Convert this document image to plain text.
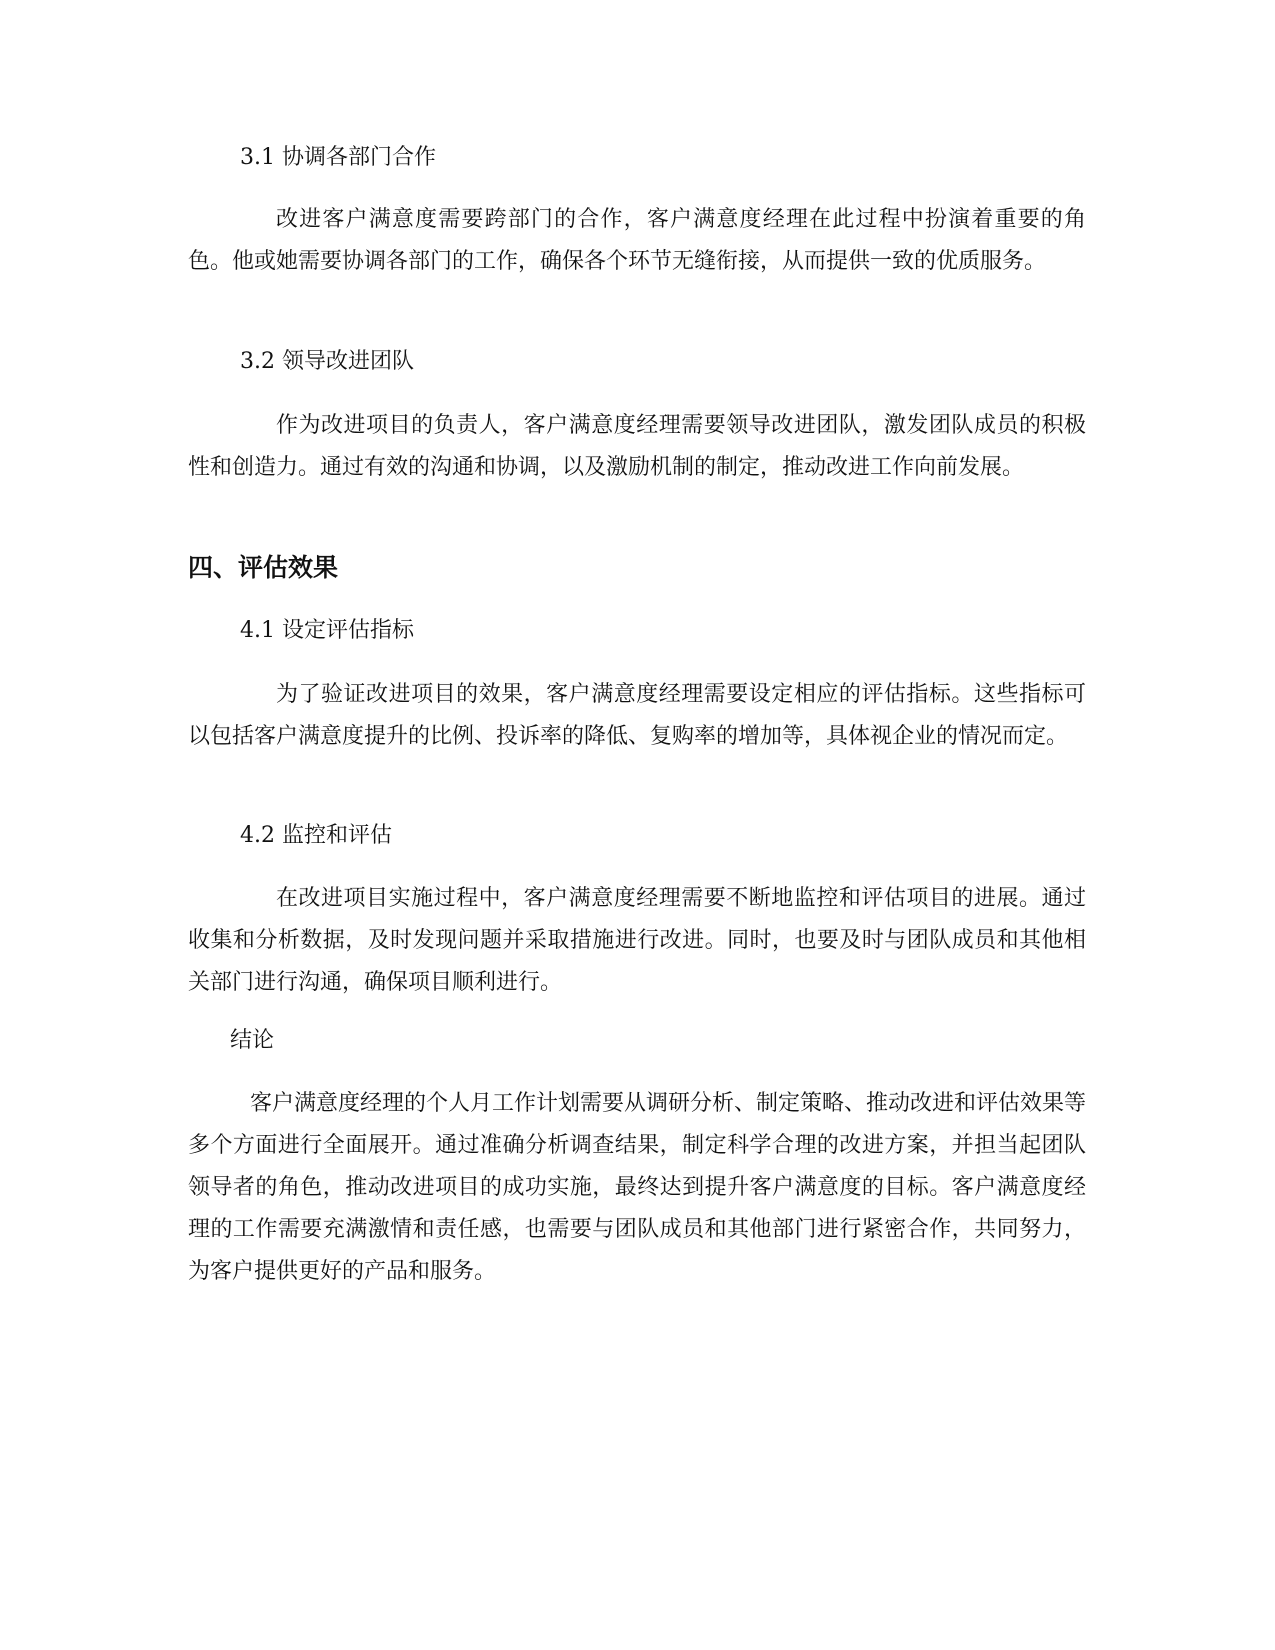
3.1 协调各部门合作

改进客户满意度需要跨部门的合作，客户满意度经理在此过程中扮演着重要的角色。他或她需要协调各部门的工作，确保各个环节无缝衔接，从而提供一致的优质服务。

3.2 领导改进团队

作为改进项目的负责人，客户满意度经理需要领导改进团队，激发团队成员的积极性和创造力。通过有效的沟通和协调，以及激励机制的制定，推动改进工作向前发展。

四、评估效果
4.1 设定评估指标

为了验证改进项目的效果，客户满意度经理需要设定相应的评估指标。这些指标可以包括客户满意度提升的比例、投诉率的降低、复购率的增加等，具体视企业的情况而定。

4.2 监控和评估

在改进项目实施过程中，客户满意度经理需要不断地监控和评估项目的进展。通过收集和分析数据，及时发现问题并采取措施进行改进。同时，也要及时与团队成员和其他相关部门进行沟通，确保项目顺利进行。

结论

客户满意度经理的个人月工作计划需要从调研分析、制定策略、推动改进和评估效果等多个方面进行全面展开。通过准确分析调查结果，制定科学合理的改进方案，并担当起团队领导者的角色，推动改进项目的成功实施，最终达到提升客户满意度的目标。客户满意度经理的工作需要充满激情和责任感，也需要与团队成员和其他部门进行紧密合作，共同努力，为客户提供更好的产品和服务。
